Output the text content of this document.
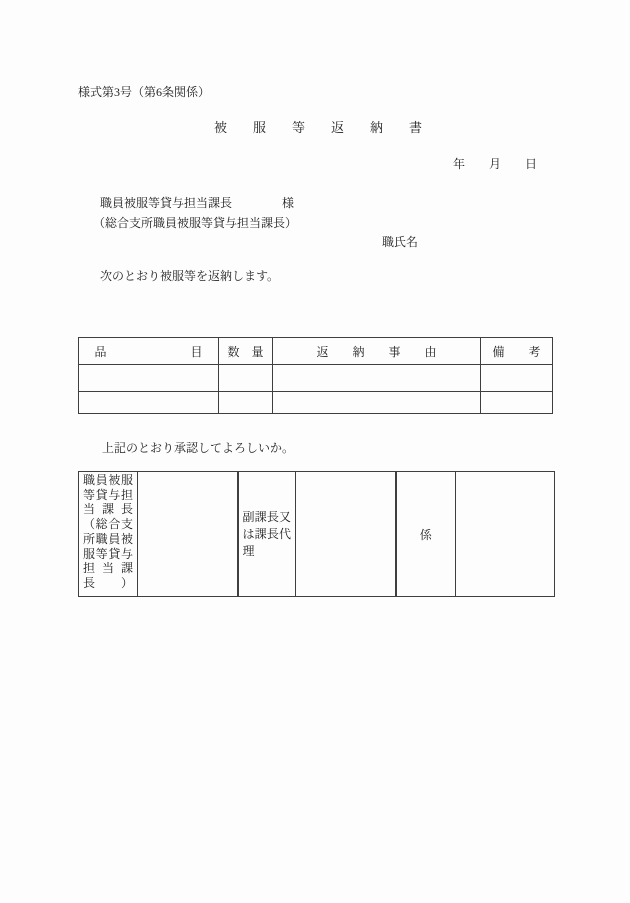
様式第3号（第6条関係）
被　　服　　等　　返　　納　　書
年　　月　　日
職員被服等貸与担当課長	様
（総合支所職員被服等貸与担当課長）
職氏名
次のとおり被服等を返納します。
品　　　　　　　目	数　量	返　　納　　事　　由	備　　考

上記のとおり承認してよろしいか。
職員被服等貸与担当課長（総合支所職員被服等貸与担当課長）		副課長又は課長代理		係	
